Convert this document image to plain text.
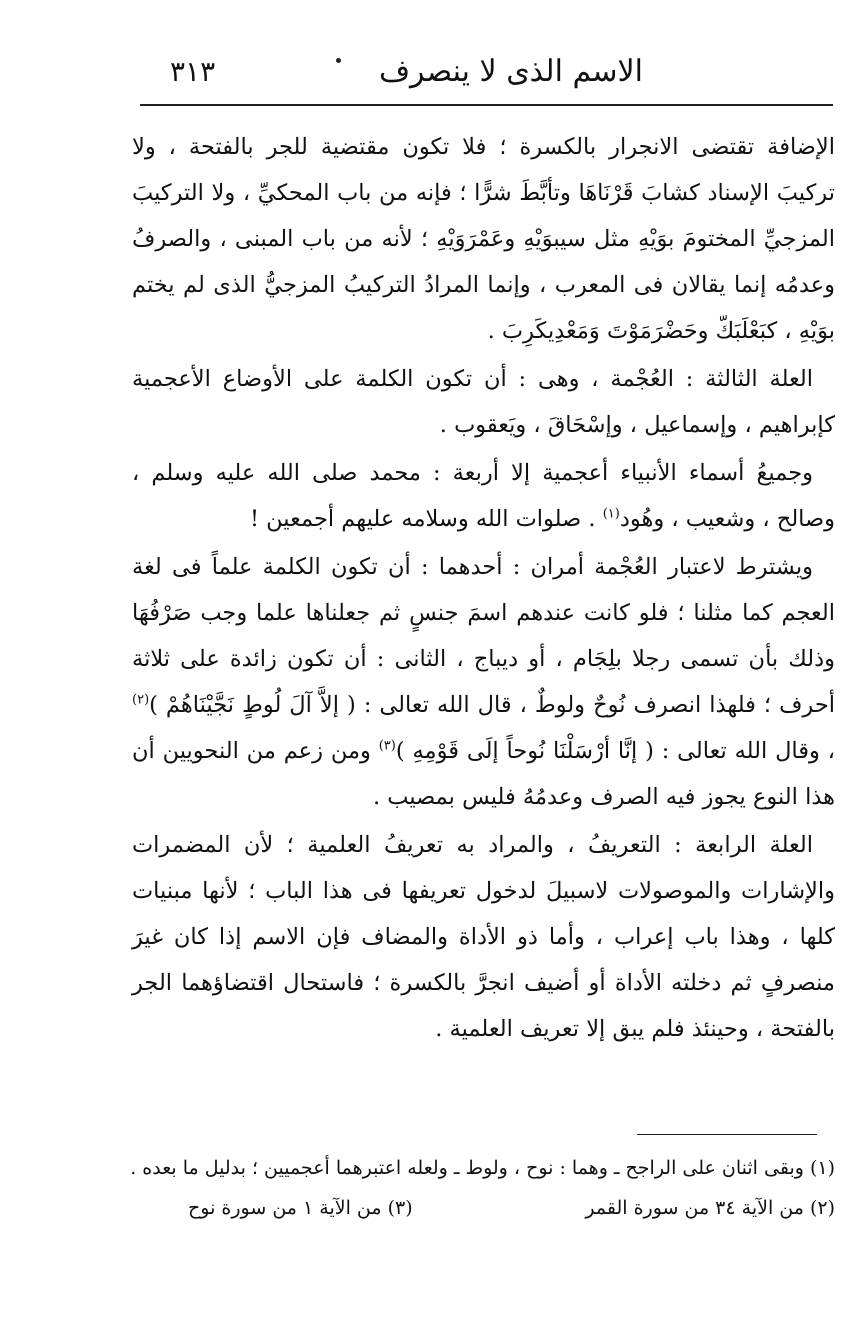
الاسم الذى لا ينصرف
٣١٣

الإضافة تقتضى الانجرار بالكسرة ؛ فلا تكون مقتضية للجر بالفتحة ، ولا تركيبَ الإسناد كشابَ قَرْنَاهَا وتأبَّطَ شرًّا ؛ فإنه من باب المحكيِّ ، ولا التركيبَ المزجيِّ المختومَ بوَيْهِ مثل سيبوَيْهِ وعَمْرَوَيْهِ ؛ لأنه من باب المبنى ، والصرفُ وعدمُه إنما يقالان فى المعرب ، وإنما المرادُ التركيبُ المزجيُّ الذى لم يختم بوَيْهِ ، كبَعْلَبَكّ وحَضْرَمَوْتَ وَمَعْدِيكَرِبَ .

العلة الثالثة : العُجْمة ، وهى : أن تكون الكلمة على الأوضاع الأعجمية كإبراهيم ، وإسماعيل ، وإسْحَاقَ ، ويَعقوب .

وجميعُ أسماء الأنبياء أعجمية إلا أربعة : محمد صلى الله عليه وسلم ، وصالح ، وشعيب ، وهُود$^{(١)}$ . صلوات الله وسلامه عليهم أجمعين !

ويشترط لاعتبار العُجْمة أمران : أحدهما : أن تكون الكلمة علماً فى لغة العجم كما مثلنا ؛ فلو كانت عندهم اسمَ جنسٍ ثم جعلناها علما وجب صَرْفُهَا وذلك بأن تسمى رجلا بلِجَام ، أو ديباج ، الثانى : أن تكون زائدة على ثلاثة أحرف ؛ فلهذا انصرف نُوحٌ ولوطٌ ، قال الله تعالى : ( إلاَّ آلَ لُوطٍ نَجَّيْنَاهُمْ )$^{(٢)}$ ، وقال الله تعالى : ( إنَّا أرْسَلْنَا نُوحاً إلَى قَوْمِهِ )$^{(٣)}$ ومن زعم من النحويين أن هذا النوع يجوز فيه الصرف وعدمُهُ فليس بمصيب .

العلة الرابعة : التعريفُ ، والمراد به تعريفُ العلمية ؛ لأن المضمرات والإشارات والموصولات لاسبيلَ لدخول تعريفها فى هذا الباب ؛ لأنها مبنيات كلها ، وهذا باب إعراب ، وأما ذو الأداة والمضاف فإن الاسم إذا كان غيرَ منصرفٍ ثم دخلته الأداة أو أضيف انجرَّ بالكسرة ؛ فاستحال اقتضاؤهما الجر بالفتحة ، وحينئذ فلم يبق إلا تعريف العلمية .

(١) وبقى اثنان على الراجح ـ وهما : نوح ، ولوط ـ ولعله اعتبرهما أعجميين ؛ بدليل ما بعده .

(٢) من الآية ٣٤ من سورة القمر
(٣) من الآية ١ من سورة نوح
